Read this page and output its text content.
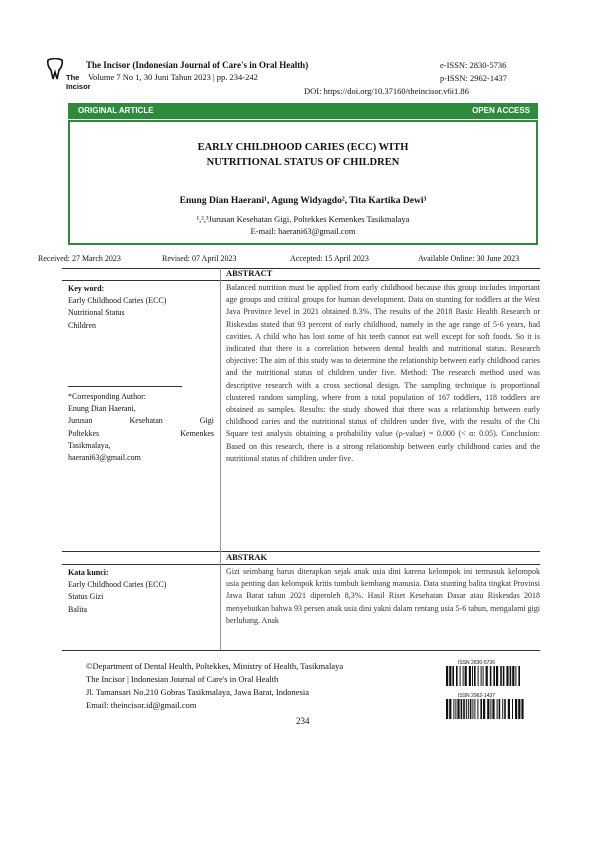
The
Incisor
The Incisor (Indonesian Journal of Care's in Oral Health)
Volume 7 No 1, 30 Juni Tahun 2023 | pp. 234-242
e-ISSN: 2830-5736
p-ISSN: 2962-1437
DOI: https://doi.org/10.37160/theincisor.v6i1.86
ORIGINAL ARTICLE	OPEN ACCESS
EARLY CHILDHOOD CARIES (ECC) WITH
NUTRITIONAL STATUS OF CHILDREN
Enung Dian Haerani¹, Agung Widyagdo², Tita Kartika Dewi³
¹,²,³Jurusan Kesehatan Gigi, Poltekkes Kemenkes Tasikmalaya
E-mail: haerani63@gmail.com
Received: 27 March 2023	Revised: 07 April 2023	Accepted: 15 April 2023	Available Online: 30 June 2023
ABSTRACT
Key word:
Early Childhood Caries (ECC)
Nutritional Status
Children
*Corresponding Author:
Enung Dian Haerani,
Jurusan Kesehatan Gigi
Poltekkes Kemenkes
Tasikmalaya,
haerani63@gmail.com
Balanced nutrition must be applied from early childhood because this group includes important age groups and critical groups for human development. Data on stunting for toddlers at the West Java Province level in 2021 obtained 8.3%. The results of the 2018 Basic Health Research or Riskesdas stated that 93 percent of early childhood, namely in the age range of 5-6 years, had cavities. A child who has lost some of his teeth cannot eat well except for soft foods. So it is indicated that there is a correlation between dental health and nutritional status. Research objective: The aim of this study was to determine the relationship between early childhood caries and the nutritional status of children under five. Method: The research method used was descriptive research with a cross sectional design. The sampling technique is proportional clustered random sampling, where from a total population of 167 toddlers, 118 toddlers are obtained as samples. Results: the study showed that there was a relationship between early childhood caries and the nutritional status of children under five, with the results of the Chi Square test analysis obtaining a probability value (ρ-value) = 0.000 (< α: 0.05). Conclusion: Based on this research, there is a strong relationship between early childhood caries and the nutritional status of children under five.
ABSTRAK
Kata kunci:
Early Childhood Caries (ECC)
Status Gizi
Balita
Gizi seimbang harus diterapkan sejak anak usia dini karena kelompok ini termasuk kelompok usia penting dan kelompok kritis tumbuh kembang manusia. Data stunting balita tingkat Provinsi Jawa Barat tahun 2021 diperoleh 8,3%. Hasil Riset Kesehatan Dasar atau Riskesdas 2018 menyebutkan bahwa 93 persen anak usia dini yakni dalam rentang usia 5-6 tahun, mengalami gigi berlubang. Anak
©Department of Dental Health, Poltekkes, Ministry of Health, Tasikmalaya
The Incisor | Indonesian Journal of Care's in Oral Health
Jl. Tamansari No.210 Gobras Tasikmalaya, Jawa Barat, Indonesia
Email: theincisor.id@gmail.com
234
ISSN 2830-5736
ISSN 2962-1437
